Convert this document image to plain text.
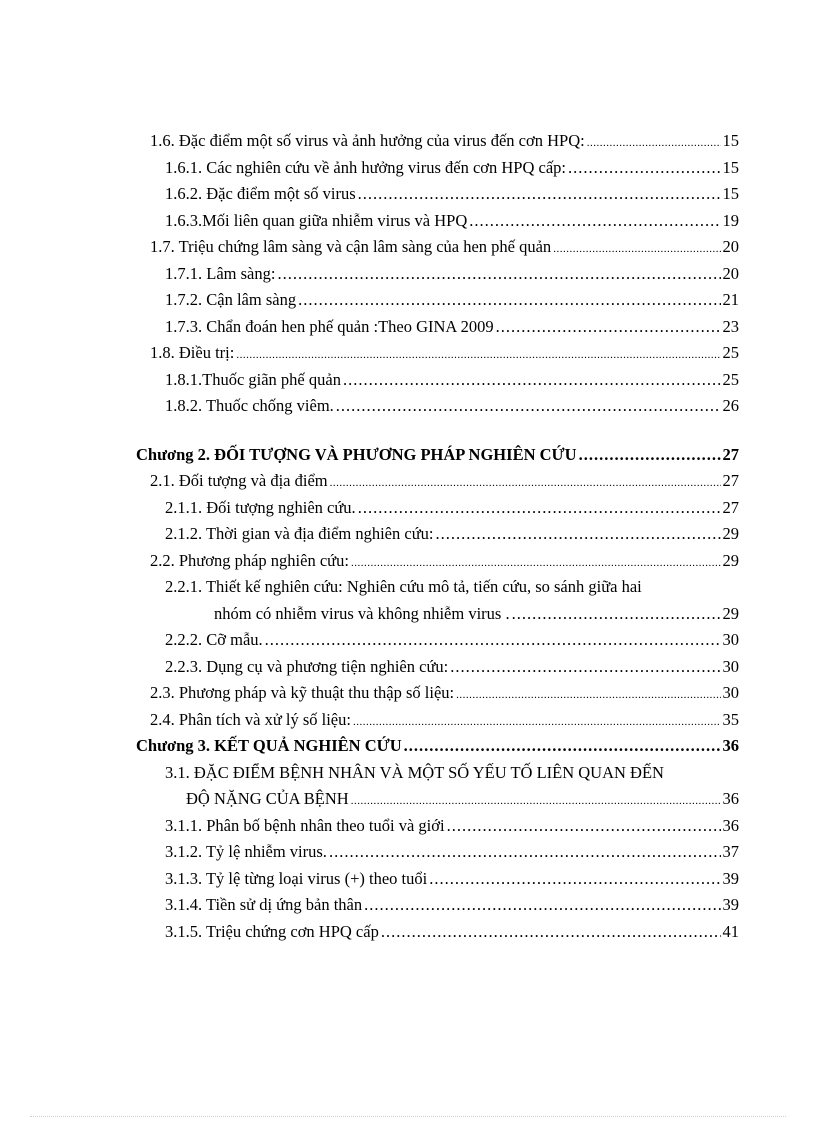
1.6. Đặc điểm một số virus và ảnh hưởng của virus đến cơn HPQ: .....	15
1.6.1. Các nghiên cứu về ảnh hưởng virus đến cơn HPQ cấp: .....	15
1.6.2. Đặc điểm một số virus .....	15
1.6.3.Mối liên quan giữa nhiễm virus và HPQ .....	19
1.7. Triệu chứng lâm sàng và cận lâm sàng của hen phế quản .....	20
1.7.1. Lâm sàng: .....	20
1.7.2. Cận lâm sàng .....	21
1.7.3. Chẩn đoán hen phế quản :Theo GINA 2009 .....	23
1.8. Điều trị: .....	25
1.8.1.Thuốc giãn phế quản .....	25
1.8.2. Thuốc chống viêm. .....	26
Chương 2. ĐỐI TƯỢNG VÀ PHƯƠNG PHÁP NGHIÊN CỨU .....	27
2.1. Đối tượng và địa điểm .....	27
2.1.1. Đối tượng nghiên cứu. .....	27
2.1.2. Thời gian và địa điểm nghiên cứu: .....	29
2.2. Phương pháp nghiên cứu: .....	29
2.2.1. Thiết kế nghiên cứu: Nghiên cứu mô tả, tiến cứu, so sánh giữa hai
nhóm có nhiễm virus và không nhiễm virus . .....	29
2.2.2. Cỡ mẫu. .....	30
2.2.3. Dụng cụ và phương tiện nghiên cứu: .....	30
2.3. Phương pháp và kỹ thuật thu thập số liệu: .....	30
2.4. Phân tích và xử lý số liệu: .....	35
Chương 3. KẾT QUẢ NGHIÊN CỨU .....	36
3.1. ĐẶC ĐIỂM BỆNH NHÂN VÀ MỘT SỐ YẾU TỐ LIÊN QUAN ĐẾN
ĐỘ NẶNG CỦA BỆNH .....	36
3.1.1. Phân bố bệnh nhân theo tuổi và giới .....	36
3.1.2. Tỷ lệ nhiễm virus. .....	37
3.1.3. Tỷ lệ từng loại virus (+) theo tuổi .....	39
3.1.4. Tiền sử dị ứng bản thân .....	39
3.1.5. Triệu chứng cơn HPQ cấp .....	41
